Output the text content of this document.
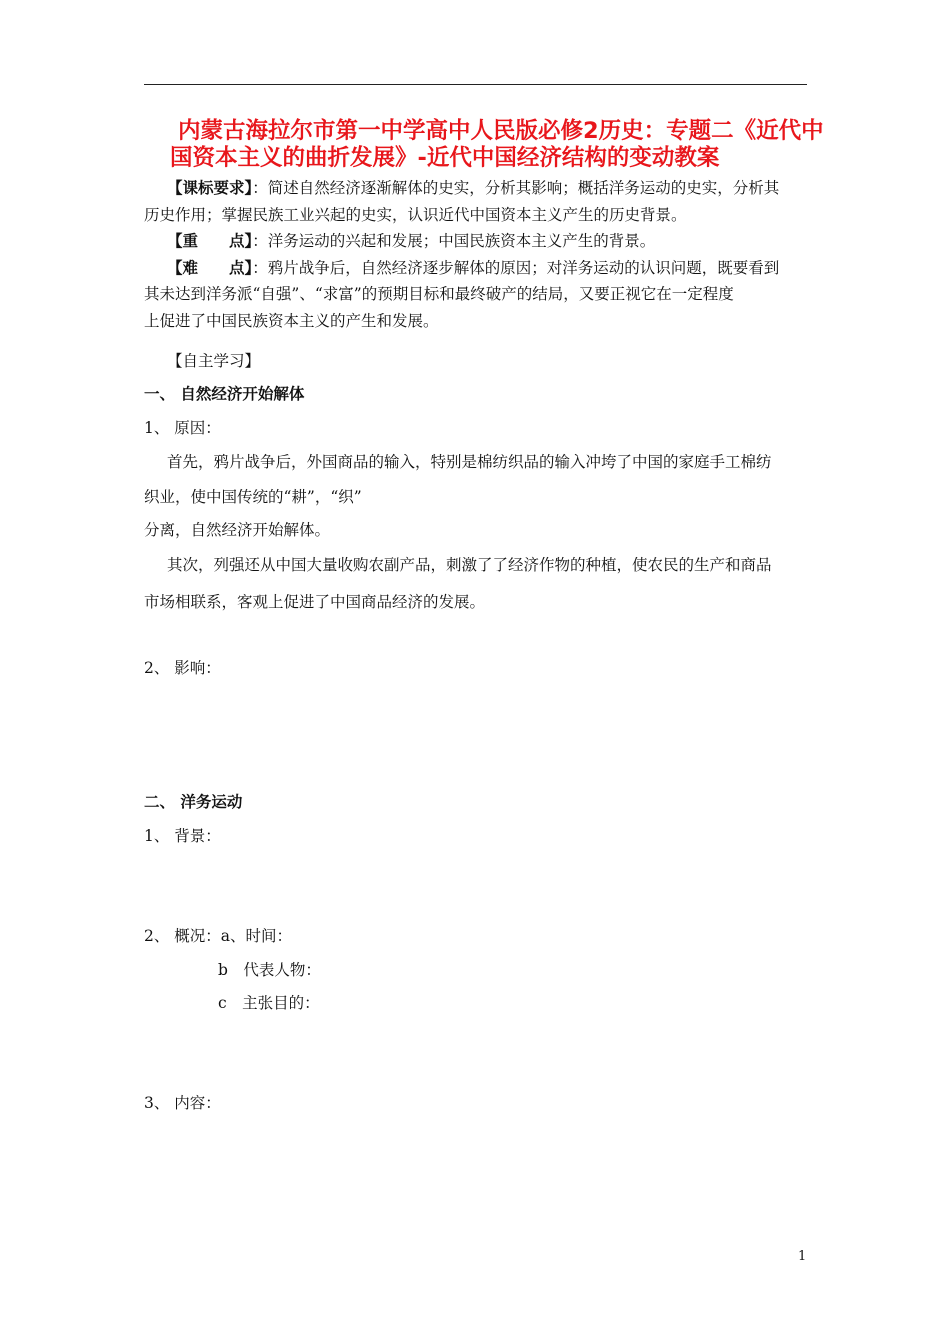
内蒙古海拉尔市第一中学高中人民版必修2历史：专题二《近代中
国资本主义的曲折发展》-近代中国经济结构的变动教案
【课标要求】：简述自然经济逐渐解体的史实，分析其影响；概括洋务运动的史实，分析其
历史作用；掌握民族工业兴起的史实，认识近代中国资本主义产生的历史背景。
【重　　点】：洋务运动的兴起和发展；中国民族资本主义产生的背景。
【难　　点】：鸦片战争后，自然经济逐步解体的原因；对洋务运动的认识问题，既要看到
其未达到洋务派“自强”、“求富”的预期目标和最终破产的结局，又要正视它在一定程度
上促进了中国民族资本主义的产生和发展。
【自主学习】
一、 自然经济开始解体
1、 原因：
首先，鸦片战争后，外国商品的输入，特别是棉纺织品的输入冲垮了中国的家庭手工棉纺
织业，使中国传统的“耕”，“织”
分离，自然经济开始解体。
其次，列强还从中国大量收购农副产品，刺激了了经济作物的种植，使农民的生产和商品
市场相联系，客观上促进了中国商品经济的发展。
2、 影响：
二、 洋务运动
1、 背景：
2、 概况：a、时间：
b　代表人物：
c　主张目的：
3、 内容：
1
